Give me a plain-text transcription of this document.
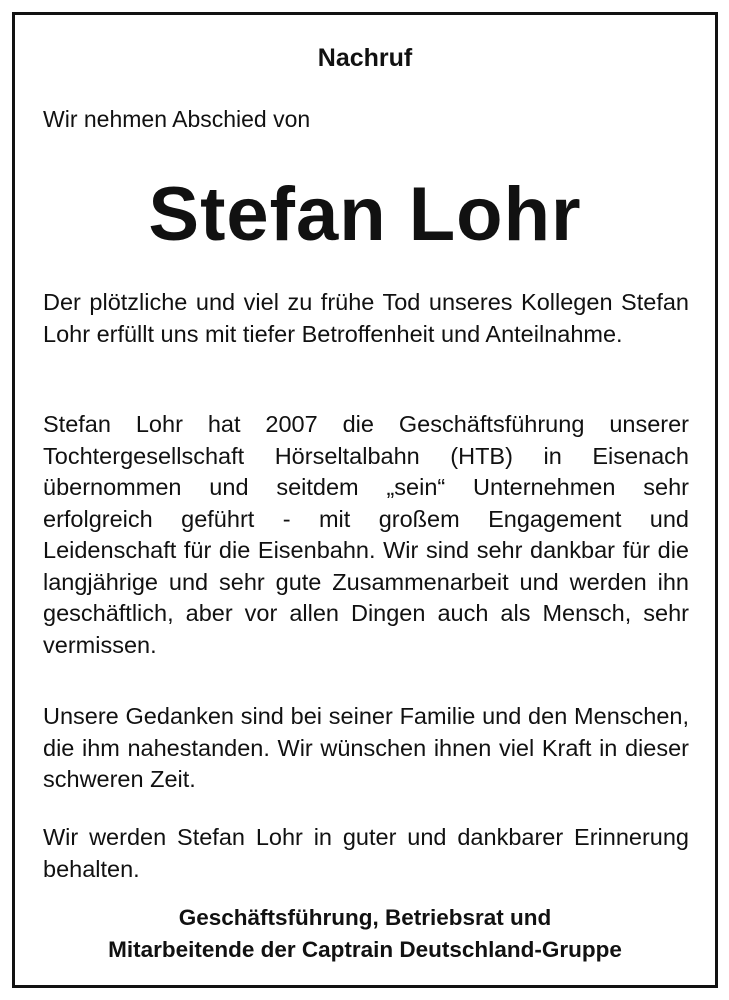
Nachruf
Wir nehmen Abschied von
Stefan Lohr

Der plötzliche und viel zu frühe Tod unseres Kollegen Stefan Lohr erfüllt uns mit tiefer Betroffenheit und Anteilnahme.

Stefan Lohr hat 2007 die Geschäftsführung unserer Tochtergesellschaft Hörseltalbahn (HTB) in Eisenach übernommen und seitdem „sein“ Unternehmen sehr erfolgreich geführt - mit großem Engagement und Leidenschaft für die Eisenbahn. Wir sind sehr dankbar für die langjährige und sehr gute Zusammenarbeit und werden ihn geschäftlich, aber vor allen Dingen auch als Mensch, sehr vermissen.

Unsere Gedanken sind bei seiner Familie und den Menschen, die ihm nahestanden. Wir wünschen ihnen viel Kraft in dieser schweren Zeit.

Wir werden Stefan Lohr in guter und dankbarer Erinnerung behalten.

Geschäftsführung, Betriebsrat und
Mitarbeitende der Captrain Deutschland-Gruppe
